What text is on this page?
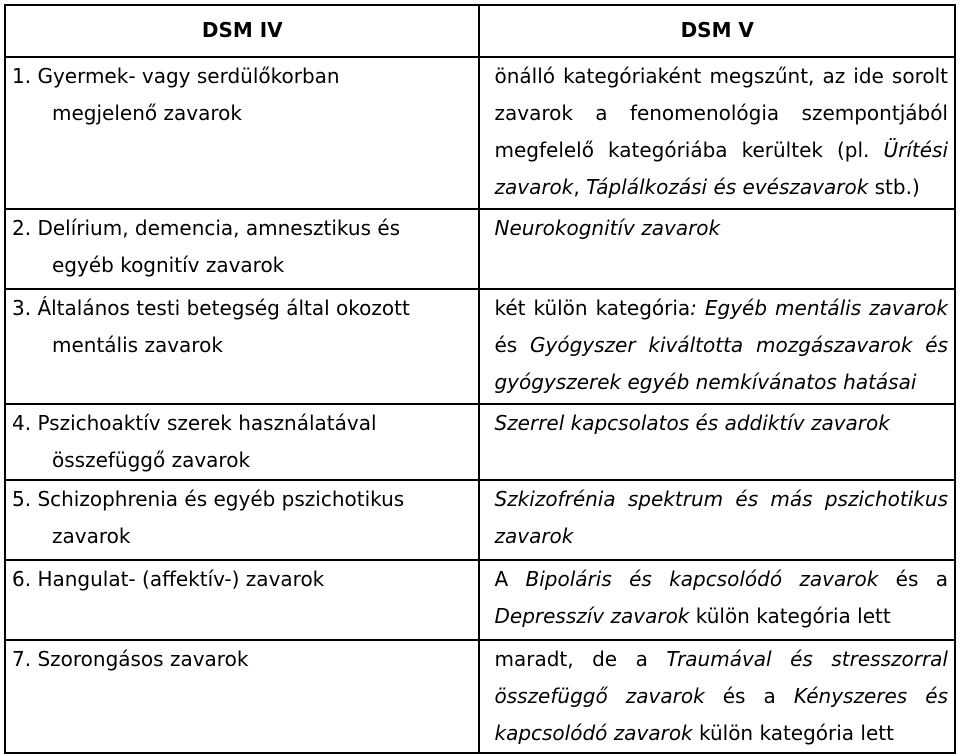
DSM IV	DSM V

1. Gyermek- vagy serdülőkorban
megjelenő zavarok	önálló kategóriaként megszűnt, az ide sorolt zavarok a fenomenológia szempontjából megfelelő kategóriába kerültek (pl. Ürítési zavarok, Táplálkozási és evészavarok stb.)

2. Delírium, demencia, amnesztikus és
egyéb kognitív zavarok	Neurokognitív zavarok

3. Általános testi betegség által okozott
mentális zavarok	két külön kategória: Egyéb mentális zavarok és Gyógyszer kiváltotta mozgászavarok és gyógyszerek egyéb nemkívánatos hatásai

4. Pszichoaktív szerek használatával
összefüggő zavarok	Szerrel kapcsolatos és addiktív zavarok

5. Schizophrenia és egyéb pszichotikus
zavarok	Szkizofrénia spektrum és más pszichotikus zavarok

6. Hangulat- (affektív-) zavarok	A Bipoláris és kapcsolódó zavarok és a Depresszív zavarok külön kategória lett

7. Szorongásos zavarok	maradt, de a Traumával és stresszorral összefüggő zavarok és a Kényszeres és kapcsolódó zavarok külön kategória lett
